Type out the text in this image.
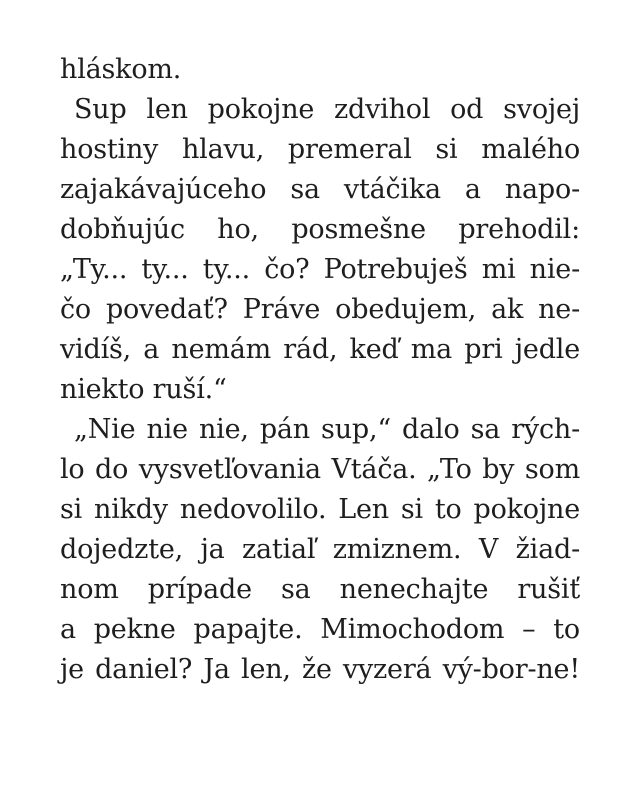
hláskom.
Sup len pokojne zdvihol od svojej
hostiny hlavu, premeral si malého
zajakávajúceho sa vtáčika a napo-
dobňujúc ho, posmešne prehodil:
„Ty... ty... ty... čo? Potrebuješ mi nie-
čo povedať? Práve obedujem, ak ne-
vidíš, a nemám rád, keď ma pri jedle
niekto ruší.“
„Nie nie nie, pán sup,“ dalo sa rých-
lo do vysvetľovania Vtáča. „To by som
si nikdy nedovolilo. Len si to pokojne
dojedzte, ja zatiaľ zmiznem. V žiad-
nom prípade sa nenechajte rušiť
a pekne papajte. Mimochodom – to
je daniel? Ja len, že vyzerá vý-bor-ne!
